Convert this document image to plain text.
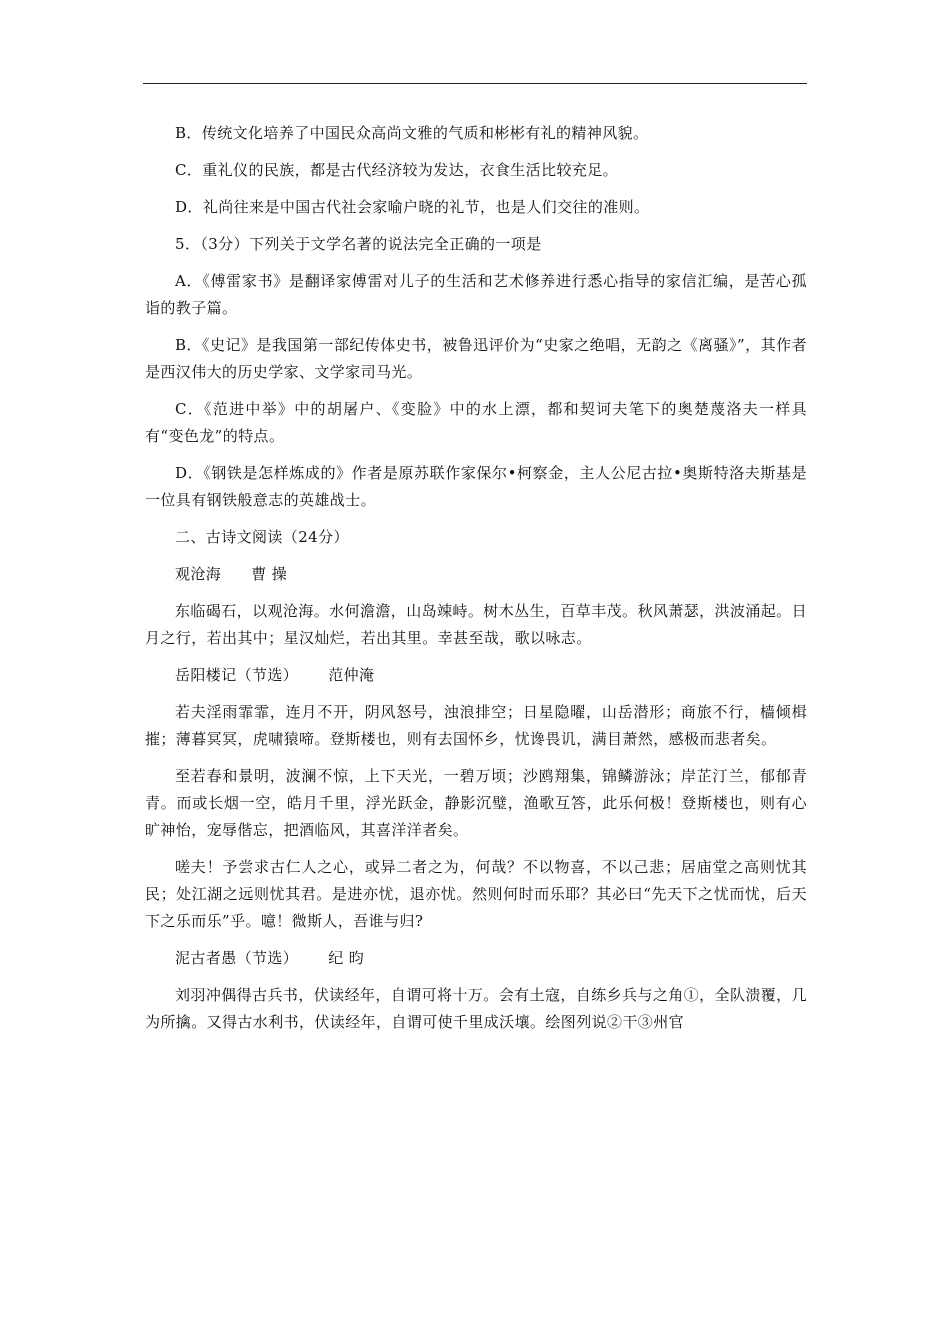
B．传统文化培养了中国民众高尚文雅的气质和彬彬有礼的精神风貌。

C．重礼仪的民族，都是古代经济较为发达，衣食生活比较充足。

D．礼尚往来是中国古代社会家喻户晓的礼节，也是人们交往的准则。

5．（3分）下列关于文学名著的说法完全正确的一项是

A．《傅雷家书》是翻译家傅雷对儿子的生活和艺术修养进行悉心指导的家信汇编，是苦心孤诣的教子篇。

B．《史记》是我国第一部纪传体史书，被鲁迅评价为“史家之绝唱，无韵之《离骚》”，其作者是西汉伟大的历史学家、文学家司马光。

C．《范进中举》中的胡屠户、《变脸》中的水上漂，都和契诃夫笔下的奥楚蔑洛夫一样具有“变色龙”的特点。

D．《钢铁是怎样炼成的》作者是原苏联作家保尔•柯察金，主人公尼古拉•奥斯特洛夫斯基是一位具有钢铁般意志的英雄战士。

二、古诗文阅读（24分）

观沧海 曹 操

东临碣石，以观沧海。水何澹澹，山岛竦峙。树木丛生，百草丰茂。秋风萧瑟，洪波涌起。日月之行，若出其中；星汉灿烂，若出其里。幸甚至哉，歌以咏志。

岳阳楼记（节选） 范仲淹

若夫淫雨霏霏，连月不开，阴风怒号，浊浪排空；日星隐曜，山岳潜形；商旅不行，樯倾楫摧；薄暮冥冥，虎啸猿啼。登斯楼也，则有去国怀乡，忧谗畏讥，满目萧然，感极而悲者矣。

至若春和景明，波澜不惊，上下天光，一碧万顷；沙鸥翔集，锦鳞游泳；岸芷汀兰，郁郁青青。而或长烟一空，皓月千里，浮光跃金，静影沉璧，渔歌互答，此乐何极！登斯楼也，则有心旷神怡，宠辱偕忘，把酒临风，其喜洋洋者矣。

嗟夫！予尝求古仁人之心，或异二者之为，何哉？不以物喜，不以己悲；居庙堂之高则忧其民；处江湖之远则忧其君。是进亦忧，退亦忧。然则何时而乐耶？其必曰“先天下之忧而忧，后天下之乐而乐”乎。噫！微斯人，吾谁与归?

泥古者愚（节选） 纪 昀

刘羽冲偶得古兵书，伏读经年，自谓可将十万。会有土寇，自练乡兵与之角①，全队溃覆，几为所擒。又得古水利书，伏读经年，自谓可使千里成沃壤。绘图列说②干③州官
